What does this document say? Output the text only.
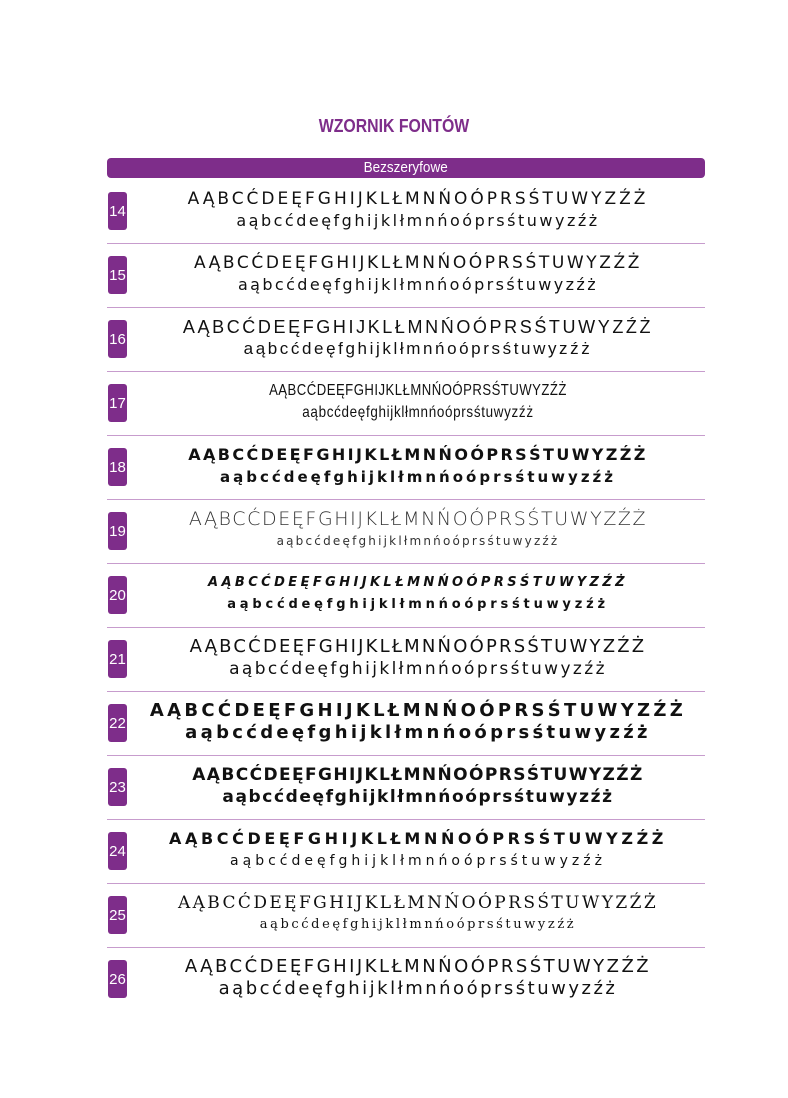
WZORNIK FONTÓW
Bezszeryfowe
14
AĄBCĆDEĘFGHIJKLŁMNŃOÓPRSŚTUWYZŹŻ
aąbcćdeęfghijklłmnńoóprsśtuwyzźż
15
AĄBCĆDEĘFGHIJKLŁMNŃOÓPRSŚTUWYZŹŻ
aąbcćdeęfghijklłmnńoóprsśtuwyzźż
16
AĄBCĆDEĘFGHIJKLŁMNŃOÓPRSŚTUWYZŹŻ
aąbcćdeęfghijklłmnńoóprsśtuwyzźż
17
AĄBCĆDEĘFGHIJKLŁMNŃOÓPRSŚTUWYZŹŻ
aąbcćdeęfghijklłmnńoóprsśtuwyzźż
18
AĄBCĆDEĘFGHIJKLŁMNŃOÓPRSŚTUWYZŹŻ
aąbcćdeęfghijklłmnńoóprsśtuwyzźż
19
AĄBCĆDEĘFGHIJKLŁMNŃOÓPRSŚTUWYZŹŻ
aąbcćdeęfghijklłmnńoóprsśtuwyzźż
20
AĄBCĆDEĘFGHIJKLŁMNŃOÓPRSŚTUWYZŹŻ
aąbcćdeęfghijklłmnńoóprsśtuwyzźż
21
AĄBCĆDEĘFGHIJKLŁMNŃOÓPRSŚTUWYZŹŻ
aąbcćdeęfghijklłmnńoóprsśtuwyzźż
22
AĄBCĆDEĘFGHIJKLŁMNŃOÓPRSŚTUWYZŹŻ
aąbcćdeęfghijklłmnńoóprsśtuwyzźż
23
AĄBCĆDEĘFGHIJKLŁMNŃOÓPRSŚTUWYZŹŻ
aąbcćdeęfghijklłmnńoóprsśtuwyzźż
24
AĄBCĆDEĘFGHIJKLŁMNŃOÓPRSŚTUWYZŹŻ
aąbcćdeęfghijklłmnńoóprsśtuwyzźż
25
AĄBCĆDEĘFGHIJKLŁMNŃOÓPRSŚTUWYZŹŻ
aąbcćdeęfghijklłmnńoóprsśtuwyzźż
26
AĄBCĆDEĘFGHIJKLŁMNŃOÓPRSŚTUWYZŹŻ
aąbcćdeęfghijklłmnńoóprsśtuwyzźż
